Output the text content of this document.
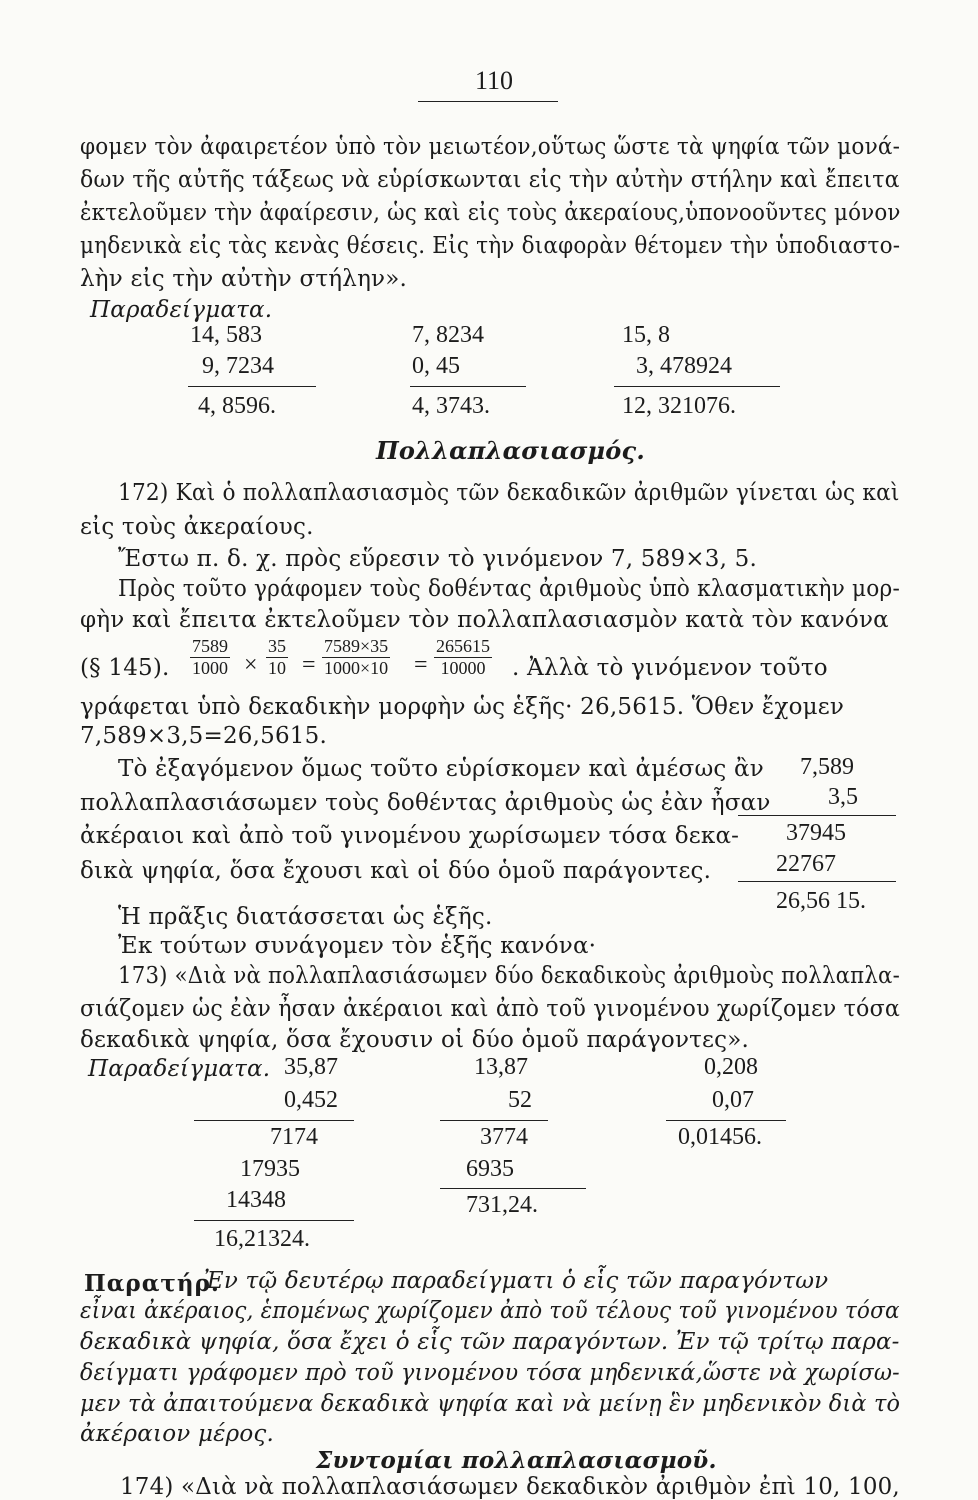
110
φομεν τὸν ἀφαιρετέον ὑπὸ τὸν μειωτέον,οὕτως ὥστε τὰ ψηφία τῶν μονά-
δων τῆς αὐτῆς τάξεως νὰ εὑρίσκωνται εἰς τὴν αὐτὴν στήλην καὶ ἔπειτα
ἐκτελοῦμεν τὴν ἀφαίρεσιν, ὡς καὶ εἰς τοὺς ἀκεραίους,ὑπονοοῦντες μόνον
μηδενικὰ εἰς τὰς κενὰς θέσεις. Εἰς τὴν διαφορὰν θέτομεν τὴν ὑποδιαστο-
λὴν εἰς τὴν αὐτὴν στήλην».
Παραδείγματα.
14, 583
9, 7234
4, 8596.
7, 8234
0, 45
4, 3743.
15, 8
3, 478924
12, 321076.
Πολλαπλασιασμός.
172) Καὶ ὁ πολλαπλασιασμὸς τῶν δεκαδικῶν ἀριθμῶν γίνεται ὡς καὶ
εἰς τοὺς ἀκεραίους.
Ἔστω π. δ. χ. πρὸς εὕρεσιν τὸ γινόμενον 7, 589×3, 5.
Πρὸς τοῦτο γράφομεν τοὺς δοθέντας ἀριθμοὺς ὑπὸ κλασματικὴν μορ-
φὴν καὶ ἔπειτα ἐκτελοῦμεν τὸν πολλαπλασιασμὸν κατὰ τὸν κανόνα
(§ 145). $\frac{7589}{1000} \times \frac{35}{10} = \frac{7589\times 35}{1000\times 10} = \frac{265615}{10000}$ . Ἀλλὰ τὸ γινόμενον τοῦτο
γράφεται ὑπὸ δεκαδικὴν μορφὴν ὡς ἑξῆς· 26,5615. Ὅθεν ἔχομεν
7,589×3,5=26,5615.
Τὸ ἐξαγόμενον ὅμως τοῦτο εὑρίσκομεν καὶ ἀμέσως ἂν
πολλαπλασιάσωμεν τοὺς δοθέντας ἀριθμοὺς ὡς ἐὰν ἦσαν
ἀκέραιοι καὶ ἀπὸ τοῦ γινομένου χωρίσωμεν τόσα δεκα-
δικὰ ψηφία, ὅσα ἔχουσι καὶ οἱ δύο ὁμοῦ παράγοντες.
7,589
3,5
37945
22767
26,56 15.
Ἡ πρᾶξις διατάσσεται ὡς ἑξῆς.
Ἐκ τούτων συνάγομεν τὸν ἑξῆς κανόνα·
173) «Διὰ νὰ πολλαπλασιάσωμεν δύο δεκαδικοὺς ἀριθμοὺς πολλαπλα-
σιάζομεν ὡς ἐὰν ἦσαν ἀκέραιοι καὶ ἀπὸ τοῦ γινομένου χωρίζομεν τόσα
δεκαδικὰ ψηφία, ὅσα ἔχουσιν οἱ δύο ὁμοῦ παράγοντες».
Παραδείγματα. 35,87
0,452
7174
17935
14348
16,21324.
13,87
52
3774
6935
731,24.
0,208
0,07
0,01456.
Παρατήρ.
Ἐν τῷ δευτέρῳ παραδείγματι ὁ εἷς τῶν παραγόντων
εἶναι ἀκέραιος, ἑπομένως χωρίζομεν ἀπὸ τοῦ τέλους τοῦ γινομένου τόσα
δεκαδικὰ ψηφία, ὅσα ἔχει ὁ εἷς τῶν παραγόντων. Ἐν τῷ τρίτῳ παρα-
δείγματι γράφομεν πρὸ τοῦ γινομένου τόσα μηδενικά,ὥστε νὰ χωρίσω-
μεν τὰ ἀπαιτούμενα δεκαδικὰ ψηφία καὶ νὰ μείνῃ ἓν μηδενικὸν διὰ τὸ
ἀκέραιον μέρος.
Συντομίαι πολλαπλασιασμοῦ.
174) «Διὰ νὰ πολλαπλασιάσωμεν δεκαδικὸν ἀριθμὸν ἐπὶ 10, 100,
